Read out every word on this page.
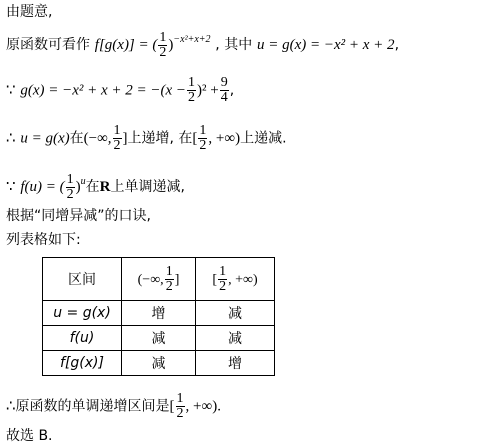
由题意,
原函数可看作 f[g(x)] = ( $\frac{1}{2} )^{-x^2+x+2}$ , 其中 u = g(x) = −x² + x + 2,
∵ $g(x) = -x^2 + x + 2 = -(x - \frac{1}{2} )^2 + \frac{9}{4}$ ,
∴ u = g(x)在(−∞, $\frac{1}{2}$ ]上递增, 在[ $\frac{1}{2}$ , +∞)上递减.
∵ f(u) = ( $\frac{1}{2} )^u$在R上单调递减,
根据“同增异减”的口诀,
列表格如下:
区间	(−∞, $\frac{1}{2}$ ]	[ $\frac{1}{2}$ , +∞)
u = g(x)	增	减
f(u)	减	减
f[g(x)]	减	增
∴原函数的单调递增区间是[ $\frac{1}{2}$ , +∞).
故选 B.
